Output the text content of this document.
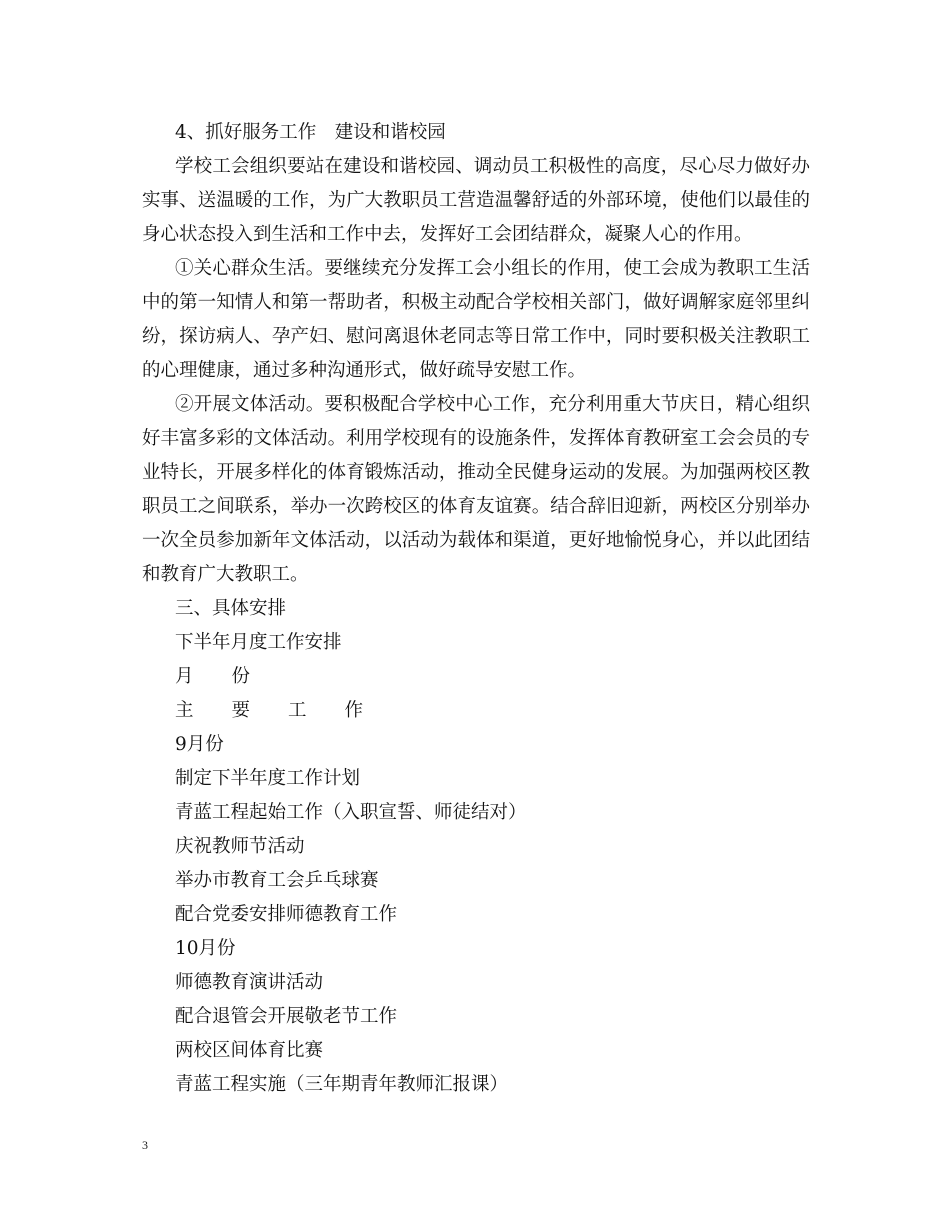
4、抓好服务工作　建设和谐校园

学校工会组织要站在建设和谐校园、调动员工积极性的高度，尽心尽力做好办实事、送温暖的工作，为广大教职员工营造温馨舒适的外部环境，使他们以最佳的身心状态投入到生活和工作中去，发挥好工会团结群众，凝聚人心的作用。

①关心群众生活。要继续充分发挥工会小组长的作用，使工会成为教职工生活中的第一知情人和第一帮助者，积极主动配合学校相关部门，做好调解家庭邻里纠纷，探访病人、孕产妇、慰问离退休老同志等日常工作中，同时要积极关注教职工的心理健康，通过多种沟通形式，做好疏导安慰工作。

②开展文体活动。要积极配合学校中心工作，充分利用重大节庆日，精心组织好丰富多彩的文体活动。利用学校现有的设施条件，发挥体育教研室工会会员的专业特长，开展多样化的体育锻炼活动，推动全民健身运动的发展。为加强两校区教职员工之间联系，举办一次跨校区的体育友谊赛。结合辞旧迎新，两校区分别举办一次全员参加新年文体活动，以活动为载体和渠道，更好地愉悦身心，并以此团结和教育广大教职工。

三、具体安排
下半年月度工作安排
月 份
主 要 工 作
9月份
制定下半年度工作计划
青蓝工程起始工作（入职宣誓、师徒结对）
庆祝教师节活动
举办市教育工会乒乓球赛
配合党委安排师德教育工作
10月份
师德教育演讲活动
配合退管会开展敬老节工作
两校区间体育比赛
青蓝工程实施（三年期青年教师汇报课）
3
